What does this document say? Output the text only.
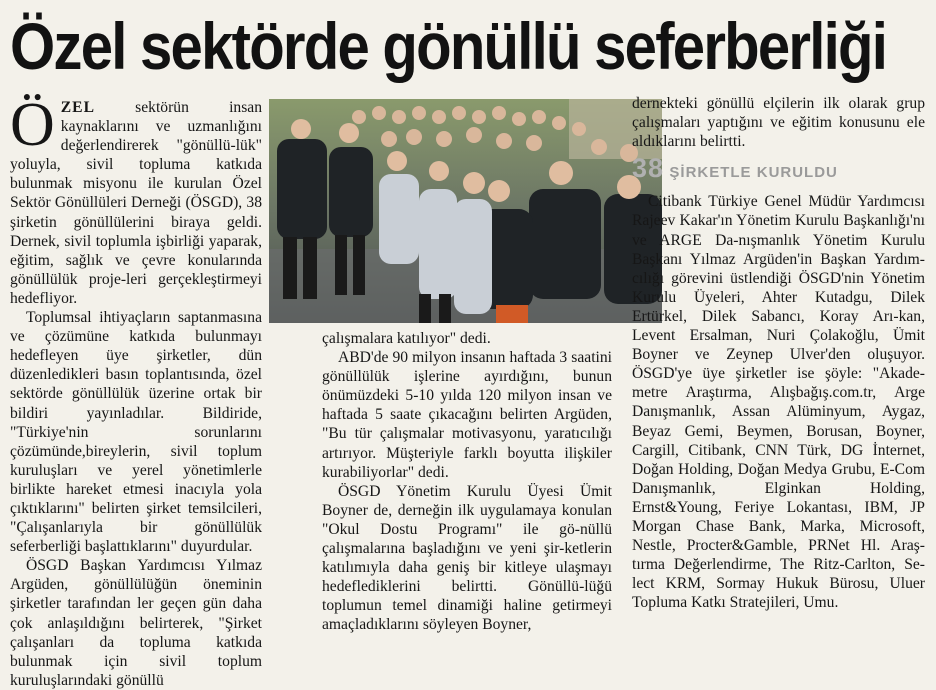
Özel sektörde gönüllü seferberliği

ÖZEL sektörün insan kaynaklarını ve uzmanlığını değerlendirerek "gönüllü-lük" yoluyla, sivil topluma katkıda bulunmak misyonu ile kurulan Özel Sektör Gönüllüleri Derneği (ÖSGD), 38 şirketin gönüllülerini biraya geldi. Dernek, sivil toplumla işbirliği yaparak, eğitim, sağlık ve çevre konularında gönüllülük proje-leri gerçekleştirmeyi hedefliyor.

Toplumsal ihtiyaçların saptanmasına ve çözümüne katkıda bulunmayı hedefleyen üye şirketler, dün düzenledikleri basın toplantısında, özel sektörde gönüllülük üzerine ortak bir bildiri yayınladılar. Bildiride, "Türkiye'nin sorunlarını çözümünde,bireylerin, sivil toplum kuruluşları ve yerel yönetimlerle birlikte hareket etmesi inacıyla yola çıktıklarını" belirten şirket temsilcileri, "Çalışanlarıyla bir gönüllülük seferberliği başlattıklarını" duyurdular.

ÖSGD Başkan Yardımcısı Yılmaz Argüden, gönüllülüğün öneminin şirketler tarafından ler geçen gün daha çok anlaşıldığını belirterek, "Şirket çalışanları da topluma katkıda bulunmak için sivil toplum kuruluşlarındaki gönüllü

çalışmalara katılıyor" dedi.

ABD'de 90 milyon insanın haftada 3 saatini gönüllülük işlerine ayırdığını, bunun önümüzdeki 5-10 yılda 120 milyon insan ve haftada 5 saate çıkacağını belirten Argüden, "Bu tür çalışmalar motivasyonu, yaratıcılığı artırıyor. Müşteriyle farklı boyutta ilişkiler kurabiliyorlar" dedi.

ÖSGD Yönetim Kurulu Üyesi Ümit Boyner de, derneğin ilk uygulamaya konulan "Okul Dostu Programı" ile gö-nüllü çalışmalarına başladığını ve yeni şir-ketlerin katılımıyla daha geniş bir kitleye ulaşmayı hedeflediklerini belirtti. Gönüllü-lüğü toplumun temel dinamiği haline getirmeyi amaçladıklarını söyleyen Boyner,

dernekteki gönüllü elçilerin ilk olarak grup çalışmaları yaptığını ve eğitim konusunu ele aldıklarını belirtti.

38 ŞİRKETLE KURULDU

Citibank Türkiye Genel Müdür Yardımcısı Rajeev Kakar'ın Yönetim Kurulu Başkanlığı'nı ve ARGE Da-nışmanlık Yönetim Kurulu Başkanı Yılmaz Argüden'in Başkan Yardım-cılığı görevini üstlendiği ÖSGD'nin Yönetim Kurulu Üyeleri, Ahter Kutadgu, Dilek Ertürkel, Dilek Sabancı, Koray Arı-kan, Levent Ersalman, Nuri Çolakoğlu, Ümit Boyner ve Zeynep Ulver'den oluşuyor. ÖSGD'ye üye şirketler ise şöyle: "Akade-metre Araştırma, Alışbağış.com.tr, Arge Danışmanlık, Assan Alüminyum, Aygaz, Beyaz Gemi, Beymen, Borusan, Boyner, Cargill, Citibank, CNN Türk, DG İnternet, Doğan Holding, Doğan Medya Grubu, E-Com Danışmanlık, Elginkan Holding, Ernst&Young, Feriye Lokantası, IBM, JP Morgan Chase Bank, Marka, Microsoft, Nestle, Procter&Gamble, PRNet Hl. Araş-tırma Değerlendirme, The Ritz-Carlton, Se-lect KRM, Sormay Hukuk Bürosu, Uluer Topluma Katkı Stratejileri, Umu.
